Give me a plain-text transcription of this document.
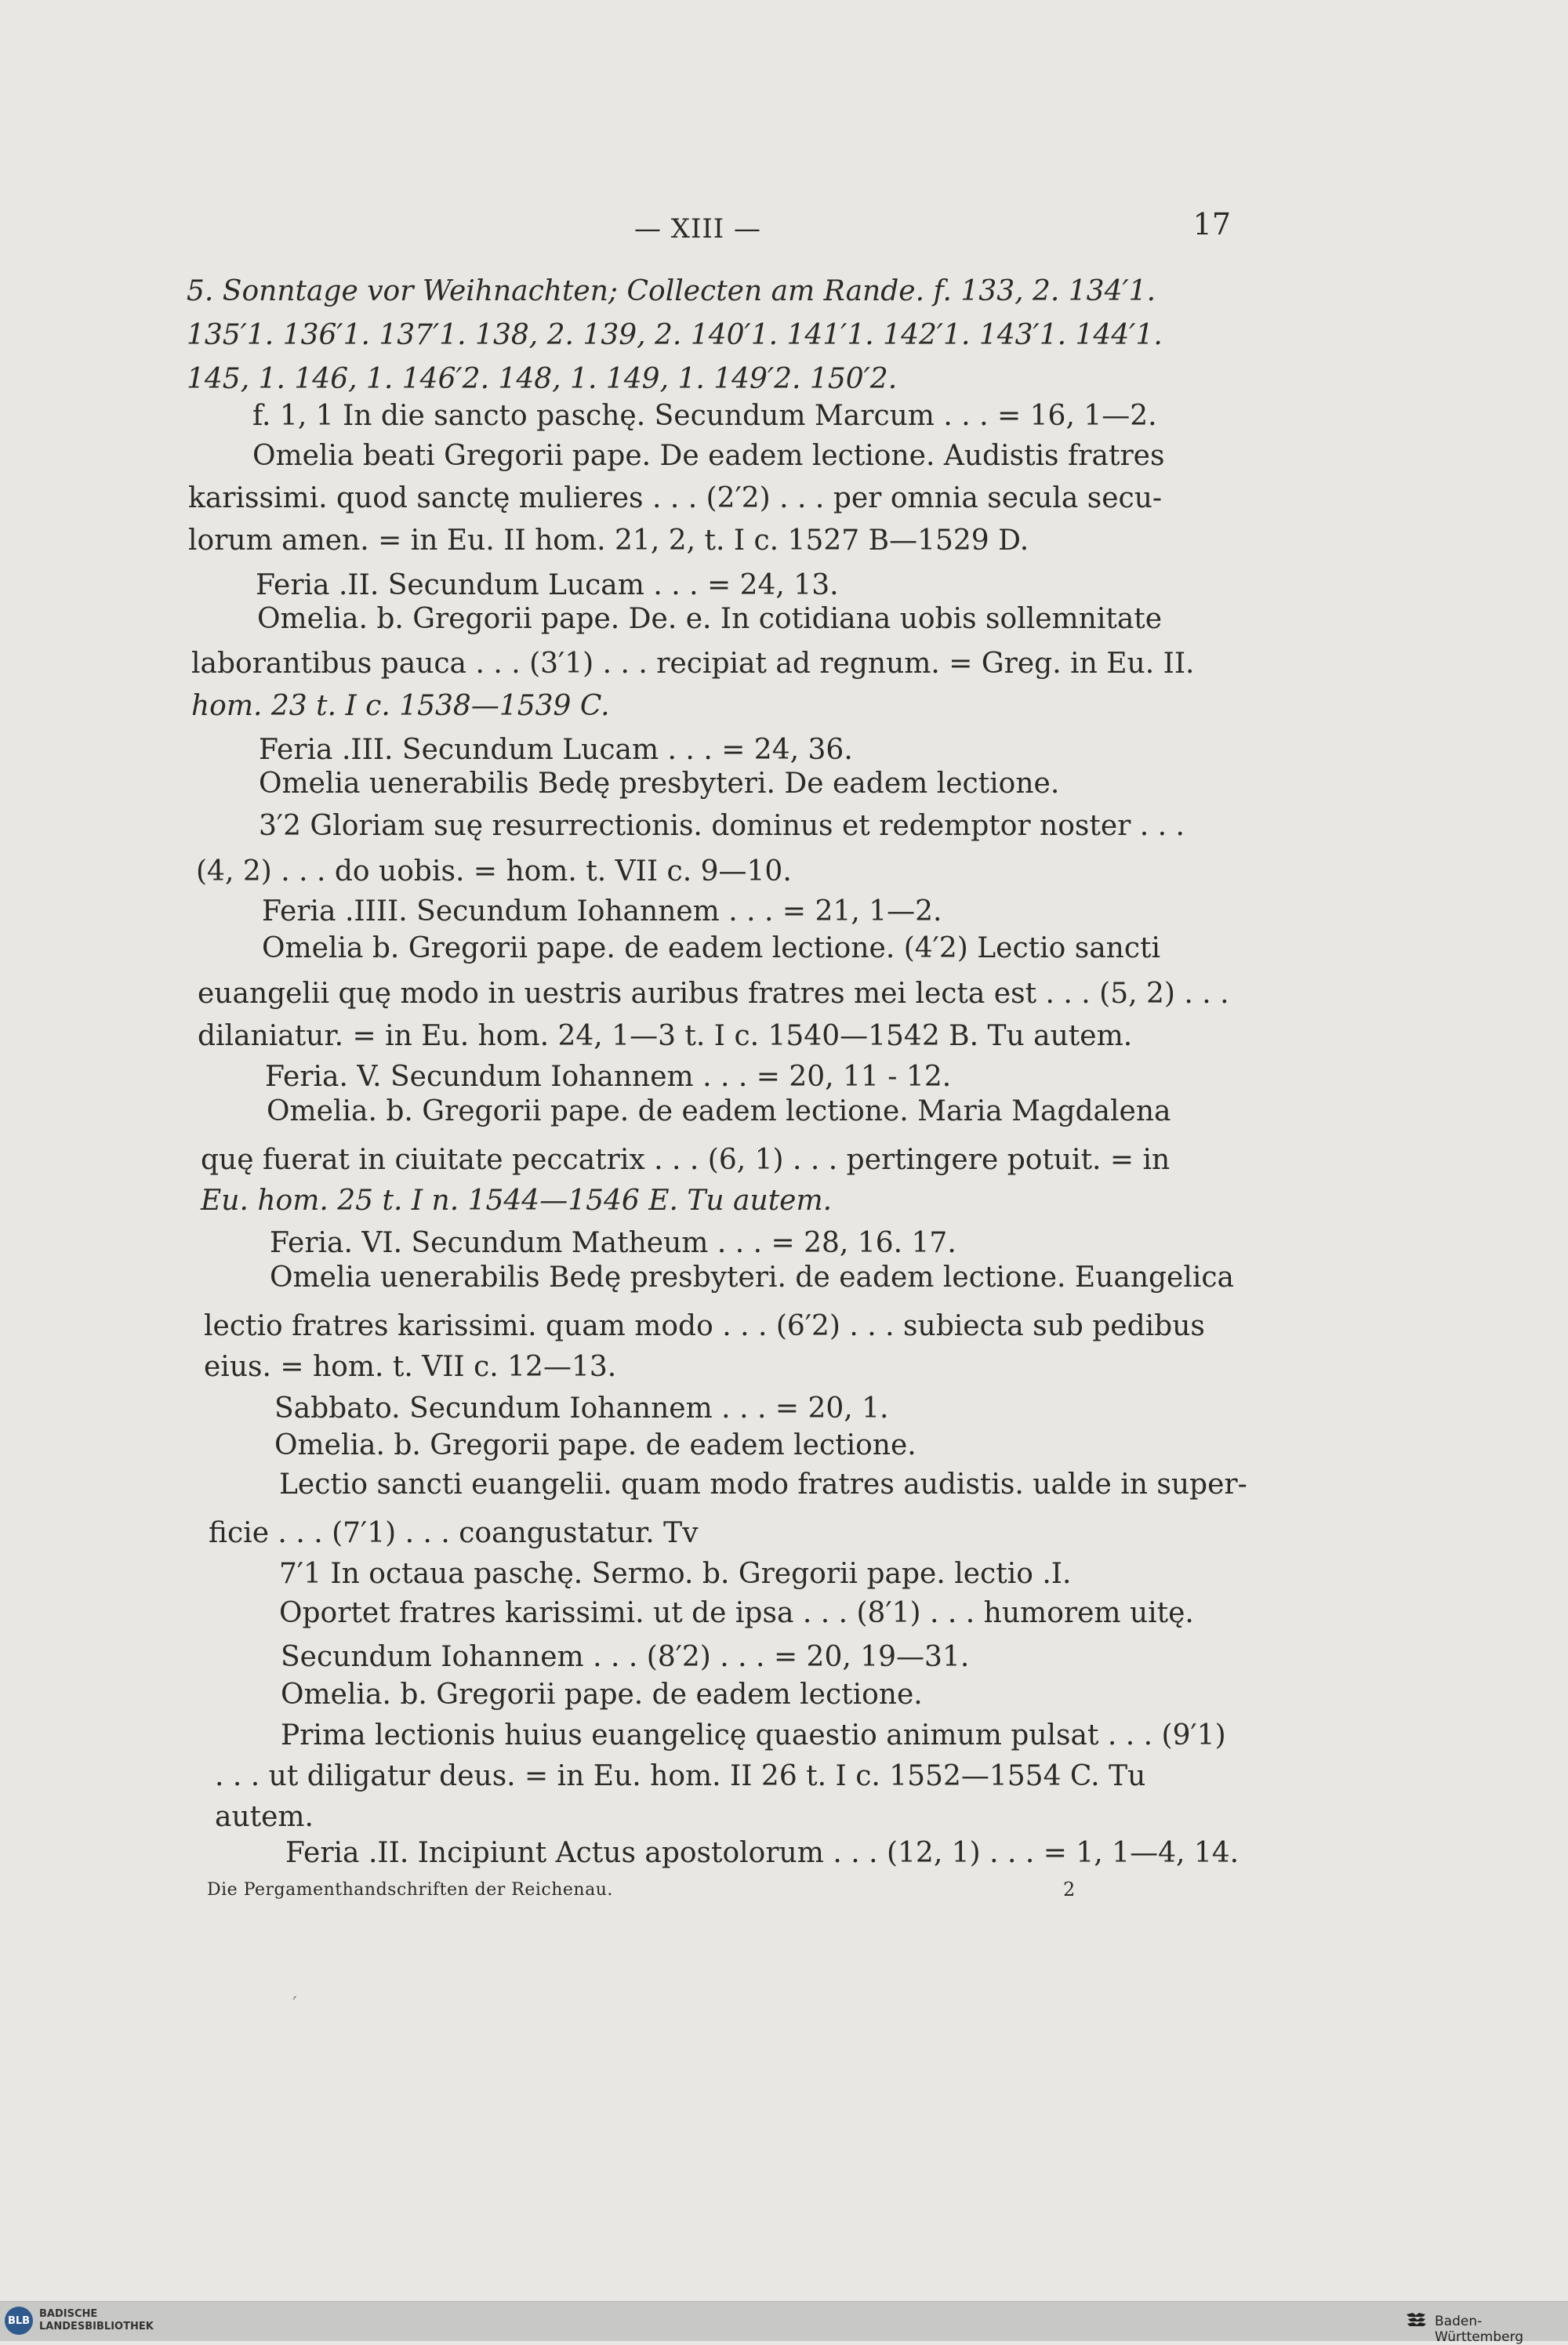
— XIII —	17
5. Sonntage vor Weihnachten; Collecten am Rande. f. 133, 2. 134′1.
135′1. 136′1. 137′1. 138, 2. 139, 2. 140′1. 141′1. 142′1. 143′1. 144′1.
145, 1. 146, 1. 146′2. 148, 1. 149, 1. 149′2. 150′2.
f. 1, 1 In die sancto paschę. Secundum Marcum . . . = 16, 1—2.
Omelia beati Gregorii pape. De eadem lectione. Audistis fratres
karissimi. quod sanctę mulieres . . . (2′2) . . . per omnia secula secu-
lorum amen. = in Eu. II hom. 21, 2, t. I c. 1527 B—1529 D.
Feria .II. Secundum Lucam . . . = 24, 13.
Omelia. b. Gregorii pape. De. e. In cotidiana uobis sollemnitate
laborantibus pauca . . . (3′1) . . . recipiat ad regnum. = Greg. in Eu. II.
hom. 23 t. I c. 1538—1539 C.
Feria .III. Secundum Lucam . . . = 24, 36.
Omelia uenerabilis Bedę presbyteri. De eadem lectione.
3′2 Gloriam suę resurrectionis. dominus et redemptor noster . . .
(4, 2) . . . do uobis. = hom. t. VII c. 9—10.
Feria .IIII. Secundum Iohannem . . . = 21, 1—2.
Omelia b. Gregorii pape. de eadem lectione. (4′2) Lectio sancti
euangelii quę modo in uestris auribus fratres mei lecta est . . . (5, 2) . . .
dilaniatur. = in Eu. hom. 24, 1—3 t. I c. 1540—1542 B. Tu autem.
Feria. V. Secundum Iohannem . . . = 20, 11 - 12.
Omelia. b. Gregorii pape. de eadem lectione. Maria Magdalena
quę fuerat in ciuitate peccatrix . . . (6, 1) . . . pertingere potuit. = in
Eu. hom. 25 t. I n. 1544—1546 E. Tu autem.
Feria. VI. Secundum Matheum . . . = 28, 16. 17.
Omelia uenerabilis Bedę presbyteri. de eadem lectione. Euangelica
lectio fratres karissimi. quam modo . . . (6′2) . . . subiecta sub pedibus
eius. = hom. t. VII c. 12—13.
Sabbato. Secundum Iohannem . . . = 20, 1.
Omelia. b. Gregorii pape. de eadem lectione.
Lectio sancti euangelii. quam modo fratres audistis. ualde in super-
ficie . . . (7′1) . . . coangustatur. Tv
7′1 In octaua paschę. Sermo. b. Gregorii pape. lectio .I.
Oportet fratres karissimi. ut de ipsa . . . (8′1) . . . humorem uitę.
Secundum Iohannem . . . (8′2) . . . = 20, 19—31.
Omelia. b. Gregorii pape. de eadem lectione.
Prima lectionis huius euangelicę quaestio animum pulsat . . . (9′1)
. . . ut diligatur deus. = in Eu. hom. II 26 t. I c. 1552—1554 C. Tu
autem.
Feria .II. Incipiunt Actus apostolorum . . . (12, 1) . . . = 1, 1—4, 14.
Die Pergamenthandschriften der Reichenau.	2
′
BLB
BADISCHE
LANDESBIBLIOTHEK	Baden-Württemberg
